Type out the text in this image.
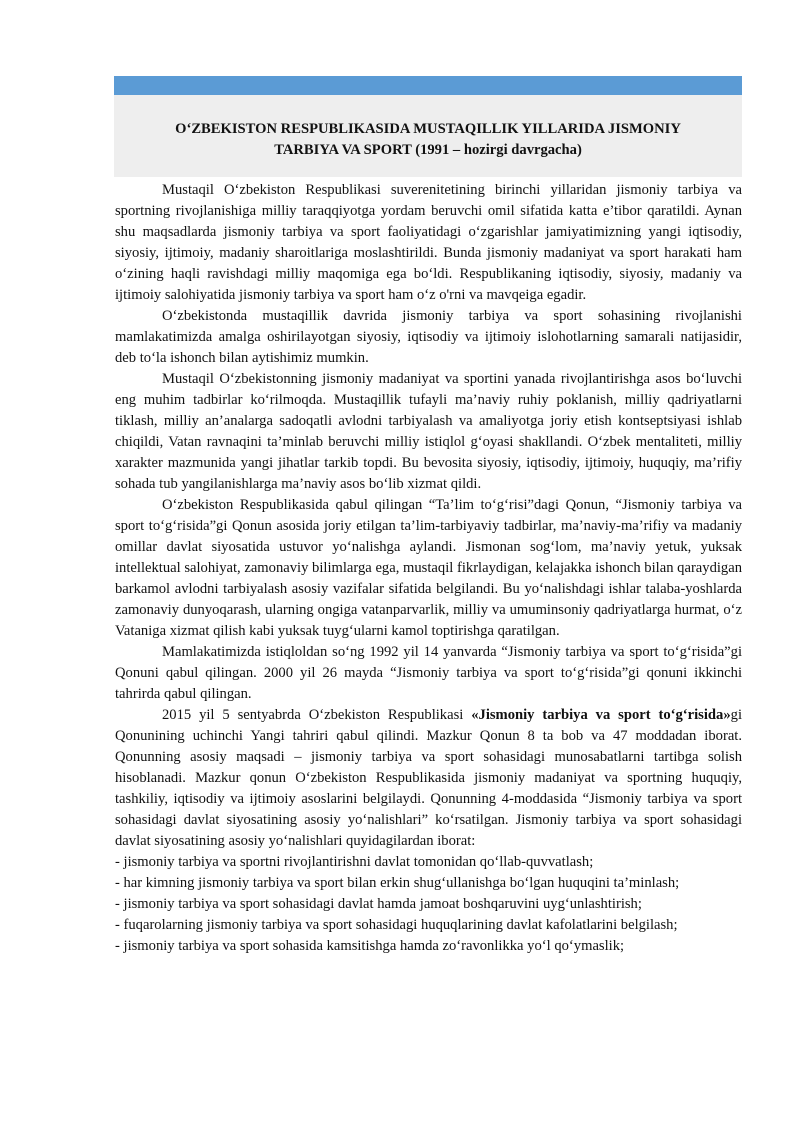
O‘ZBEKISTON RESPUBLIKASIDA MUSTAQILLIK YILLARIDA JISMONIY
TARBIYA VA SPORT (1991 – hozirgi davrgacha)

Mustaqil O‘zbekiston Respublikasi suverenitetining birinchi yillaridan jismoniy tarbiya va sportning rivojlanishiga milliy taraqqiyotga yordam beruvchi omil sifatida katta e’tibor qaratildi. Aynan shu maqsadlarda jismoniy tarbiya va sport faoliyatidagi o‘zgarishlar jamiyatimizning yangi iqtisodiy, siyosiy, ijtimoiy, madaniy sharoitlariga moslashtirildi. Bunda jismoniy madaniyat va sport harakati ham o‘zining haqli ravishdagi milliy maqomiga ega bo‘ldi. Respublikaning iqtisodiy, siyosiy, madaniy va ijtimoiy salohiyatida jismoniy tarbiya va sport ham o‘z o'rni va mavqeiga egadir.

O‘zbekistonda mustaqillik davrida jismoniy tarbiya va sport sohasining rivojlanishi mamlakatimizda amalga oshirilayotgan siyosiy, iqtisodiy va ijtimoiy islohotlarning samarali natijasidir, deb to‘la ishonch bilan aytishimiz mumkin.

Mustaqil O‘zbekistonning jismoniy madaniyat va sportini yanada rivojlantirishga asos bo‘luvchi eng muhim tadbirlar ko‘rilmoqda. Mustaqillik tufayli ma’naviy ruhiy poklanish, milliy qadriyatlarni tiklash, milliy an’analarga sadoqatli avlodni tarbiyalash va amaliyotga joriy etish kontseptsiyasi ishlab chiqildi, Vatan ravnaqini ta’minlab beruvchi milliy istiqlol g‘oyasi shakllandi. O‘zbek mentaliteti, milliy xarakter mazmunida yangi jihatlar tarkib topdi. Bu bevosita siyosiy, iqtisodiy, ijtimoiy, huquqiy, ma’rifiy sohada tub yangilanishlarga ma’naviy asos bo‘lib xizmat qildi.

O‘zbekiston Respublikasida qabul qilingan “Ta’lim to‘g‘risi”dagi Qonun, “Jismoniy tarbiya va sport to‘g‘risida”gi Qonun asosida joriy etilgan ta’lim-tarbiyaviy tadbirlar, ma’naviy-ma’rifiy va madaniy omillar davlat siyosatida ustuvor yo‘nalishga aylandi. Jismonan sog‘lom, ma’naviy yetuk, yuksak intellektual salohiyat, zamonaviy bilimlarga ega, mustaqil fikrlaydigan, kelajakka ishonch bilan qaraydigan barkamol avlodni tarbiyalash asosiy vazifalar sifatida belgilandi. Bu yo‘nalishdagi ishlar talaba-yoshlarda zamonaviy dunyoqarash, ularning ongiga vatanparvarlik, milliy va umuminsoniy qadriyatlarga hurmat, o‘z Vataniga xizmat qilish kabi yuksak tuyg‘ularni kamol toptirishga qaratilgan.

Mamlakatimizda istiqloldan so‘ng 1992 yil 14 yanvarda “Jismoniy tarbiya va sport to‘g‘risida”gi Qonuni qabul qilingan. 2000 yil 26 mayda “Jismoniy tarbiya va sport to‘g‘risida”gi qonuni ikkinchi tahrirda qabul qilingan.

2015 yil 5 sentyabrda O‘zbekiston Respublikasi «Jismoniy tarbiya va sport to‘g‘risida»gi Qonunining uchinchi Yangi tahriri qabul qilindi. Mazkur Qonun 8 ta bob va 47 moddadan iborat. Qonunning asosiy maqsadi – jismoniy tarbiya va sport sohasidagi munosabatlarni tartibga solish hisoblanadi. Mazkur qonun O‘zbekiston Respublikasida jismoniy madaniyat va sportning huquqiy, tashkiliy, iqtisodiy va ijtimoiy asoslarini belgilaydi. Qonunning 4-moddasida “Jismoniy tarbiya va sport sohasidagi davlat siyosatining asosiy yo‘nalishlari” ko‘rsatilgan. Jismoniy tarbiya va sport sohasidagi davlat siyosatining asosiy yo‘nalishlari quyidagilardan iborat:

- jismoniy tarbiya va sportni rivojlantirishni davlat tomonidan qo‘llab-quvvatlash;

- har kimning jismoniy tarbiya va sport bilan erkin shug‘ullanishga bo‘lgan huquqini ta’minlash;

- jismoniy tarbiya va sport sohasidagi davlat hamda jamoat boshqaruvini uyg‘unlashtirish;

- fuqarolarning jismoniy tarbiya va sport sohasidagi huquqlarining davlat kafolatlarini belgilash;

- jismoniy tarbiya va sport sohasida kamsitishga hamda zo‘ravonlikka yo‘l qo‘ymaslik;
